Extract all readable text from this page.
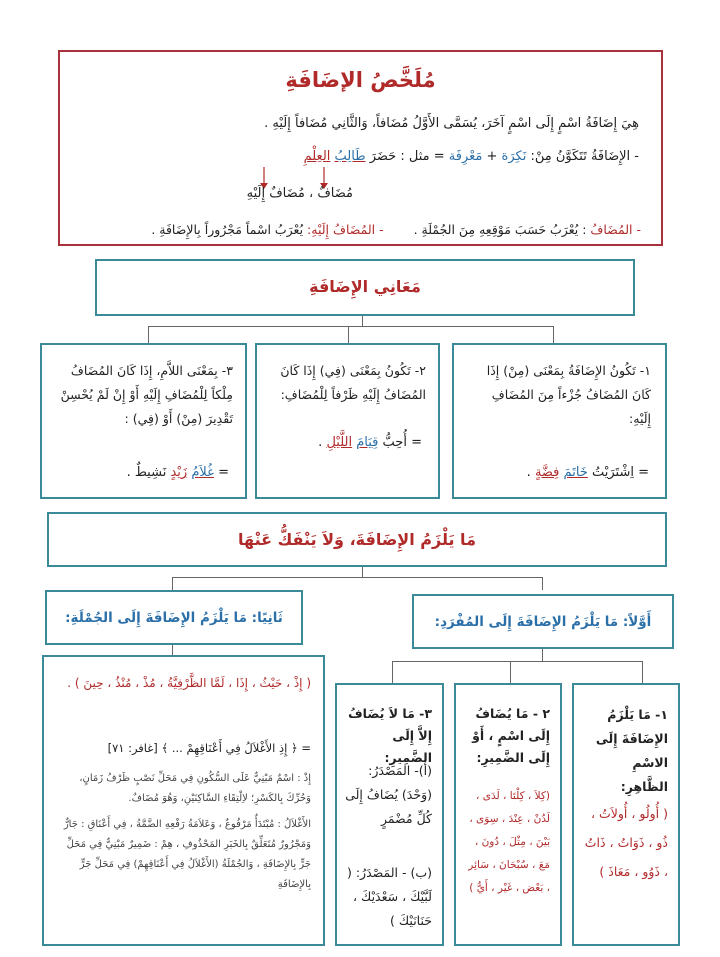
مُلَخَّصُ الإضَافَةِ
هِيَ إِضَافَةُ اسْمٍ إِلَى اسْمٍ آخَرَ، يُسَمَّى الأَوَّلُ مُضَافاً، وَالثَّانِي مُضَافاً إِلَيْهِ .
- الإِضَافَةُ تَتَكَوَّنُ مِنْ: نَكِرَة + مَعْرِفَة = مثل : حَضَرَ طَالِبُ العِلْمِ
مُضَافٌ ، مُضَافٌ إِلَيْهِ
- المُضَافُ : يُعْرَبُ حَسَبَ مَوْقِعِهِ مِنَ الجُمْلَةِ .  - المُضَافُ إِلَيْهِ: يُعْرَبُ اسْماً مَجْرُوراً بِالإِضَافَةِ .
مَعَانِي الإِضَافَةِ
١- تَكُونُ الإِضَافَةُ بِمَعْنَى (مِنْ) إِذَا كَانَ المُضَافُ جُزْءاً مِنَ المُضَافِ إِلَيْهِ:
= اِشْتَرَيْتُ خَاتَمَ فِضَّةٍ .
٢- تَكُونُ بِمَعْنَى (فِي) إِذَا كَانَ المُضَافُ إِلَيْهِ ظَرْفاً لِلْمُضَافِ:
= أُحِبُّ قِيَامَ اللَّيْلِ .
٣- بِمَعْنَى اللاَّمِ، إِذَا كَانَ المُضَافُ مِلْكاً لِلْمُضَافِ إِلَيْهِ أَوْ إِنْ لَمْ يُحْسِنْ تَقْدِيرَ (مِنْ) أَوْ (فِي) :
= غُلاَمُ زَيْدٍ نَشِيطٌ .
مَا يَلْزَمُ الإِضَافَةَ، وَلاَ يَنْفَكُّ عَنْهَا
أَوَّلاً: مَا يَلْزَمُ الإِضَافَةَ إِلَى المُفْرَدِ:
ثَانِيًا: مَا يَلْزَمُ الإِضَافَةَ إِلَى الجُمْلَةِ:
١- مَا يَلْزَمُ الإِضَافَةَ إِلَى الاسْمِ الظَّاهِرِ:
( أُولُو ، أُولاَتُ ، ذُو ، ذَوَاتُ ، ذَاتُ ، ذَوُو ، مَعَاذَ )
٢ - مَا يُضَافُ إِلَى اسْمٍ ، أَوْ إِلَى الضَّمِيرِ:
(كِلاَ ، كِلْتَا ، لَدَى ، لَدُنْ ، عِنْدَ ، سِوَى ، بَيْنَ ، مِثْلَ ، دُونَ ، مَعَ ، سُبْحَانَ ، سَائِر ، بَعْض ، غَيْر ، أَيُّ )
٣- مَا لاَ يُضَافُ إِلاَّ إِلَى الضَّمِيرِ:
(أ)- المَصْدَرُ: (وَحْدَ) يُضَافُ إِلَى كُلِّ مُضْمَرٍ
(ب) - المَصْدَرُ: ( لَبَّيْكَ ، سَعْدَيْكَ ، حَنَانَيْكَ )
( إِذْ ، حَيْثُ ، إِذَا ، لَمَّا الظَّرْفِيَّةُ ، مُذْ ، مُنْذُ ، حِينَ ) .
= ﴿ إِذِ الأَغْلاَلُ فِي أَعْنَاقِهِمْ ... ﴾ [غافر: ٧١]
إِذْ : اسْمٌ مَبْنِيٌّ عَلَى السُّكُونِ فِي مَحَلِّ نَصْبٍ ظَرْفُ زَمَانٍ، وَحُرِّكَ بِالكَسْرِ؛ لاِلْتِقَاءِ السَّاكِنَيْنِ، وَهُوَ مُضَافٌ.
الأَغْلاَلُ : مُبْتَدَأٌ مَرْفُوعٌ ، وَعَلاَمَةُ رَفْعِهِ الضَّمَّةُ ، فِي أَعْنَاقِ : جَارٌّ وَمَجْرُورٌ مُتَعَلِّقٌ بِالخَبَرِ المَحْذُوفِ ، هِمْ : ضَمِيرٌ مَبْنِيٌّ فِي مَحَلِّ جَرٍّ بِالإِضَافَةِ ، وَالجُمْلَةُ (الأَغْلاَلُ فِي أَعْنَاقِهِمْ) فِي مَحَلِّ جَرٍّ بِالإِضَافَةِ
